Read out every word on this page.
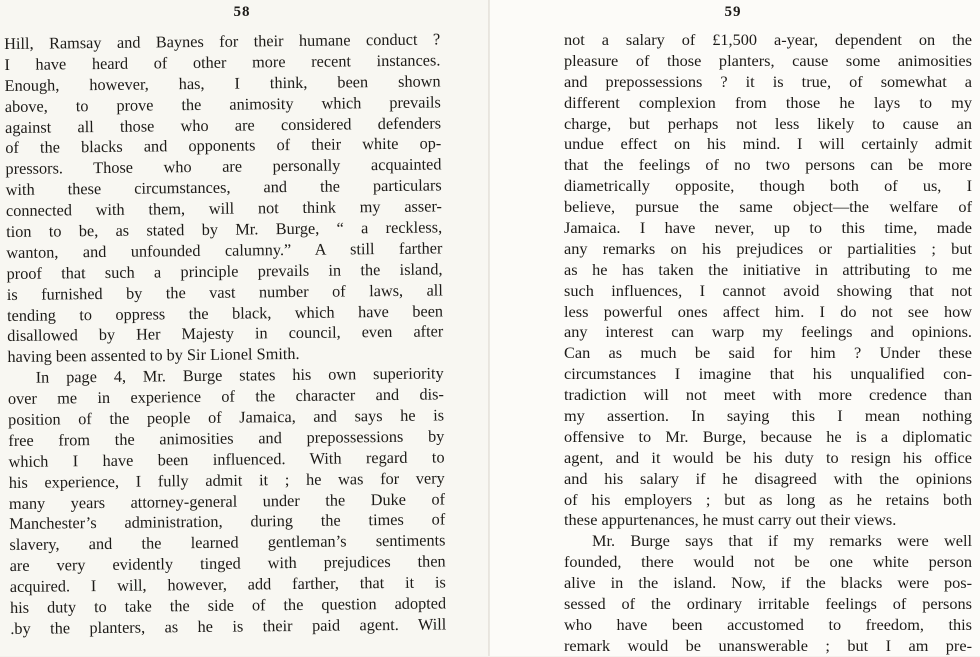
58
Hill, Ramsay and Baynes for their humane conduct ?
I have heard of other more recent instances.
Enough, however, has, I think, been shown
above, to prove the animosity which prevails
against all those who are considered defenders
of the blacks and opponents of their white op-
pressors. Those who are personally acquainted
with these circumstances, and the particulars
connected with them, will not think my asser-
tion to be, as stated by Mr. Burge, “ a reckless,
wanton, and unfounded calumny.” A still farther
proof that such a principle prevails in the island,
is furnished by the vast number of laws, all
tending to oppress the black, which have been
disallowed by Her Majesty in council, even after
having been assented to by Sir Lionel Smith.
In page 4, Mr. Burge states his own superiority
over me in experience of the character and dis-
position of the people of Jamaica, and says he is
free from the animosities and prepossessions by
which I have been influenced. With regard to
his experience, I fully admit it ; he was for very
many years attorney-general under the Duke of
Manchester’s administration, during the times of
slavery, and the learned gentleman’s sentiments
are very evidently tinged with prejudices then
acquired. I will, however, add farther, that it is
his duty to take the side of the question adopted
.by the planters, as he is their paid agent. Will
59
not a salary of £1,500 a-year, dependent on the
pleasure of those planters, cause some animosities
and prepossessions ? it is true, of somewhat a
different complexion from those he lays to my
charge, but perhaps not less likely to cause an
undue effect on his mind. I will certainly admit
that the feelings of no two persons can be more
diametrically opposite, though both of us, I
believe, pursue the same object—the welfare of
Jamaica. I have never, up to this time, made
any remarks on his prejudices or partialities ; but
as he has taken the initiative in attributing to me
such influences, I cannot avoid showing that not
less powerful ones affect him. I do not see how
any interest can warp my feelings and opinions.
Can as much be said for him ? Under these
circumstances I imagine that his unqualified con-
tradiction will not meet with more credence than
my assertion. In saying this I mean nothing
offensive to Mr. Burge, because he is a diplomatic
agent, and it would be his duty to resign his office
and his salary if he disagreed with the opinions
of his employers ; but as long as he retains both
these appurtenances, he must carry out their views.
Mr. Burge says that if my remarks were well
founded, there would not be one white person
alive in the island. Now, if the blacks were pos-
sessed of the ordinary irritable feelings of persons
who have been accustomed to freedom, this
remark would be unanswerable ; but I am pre-
